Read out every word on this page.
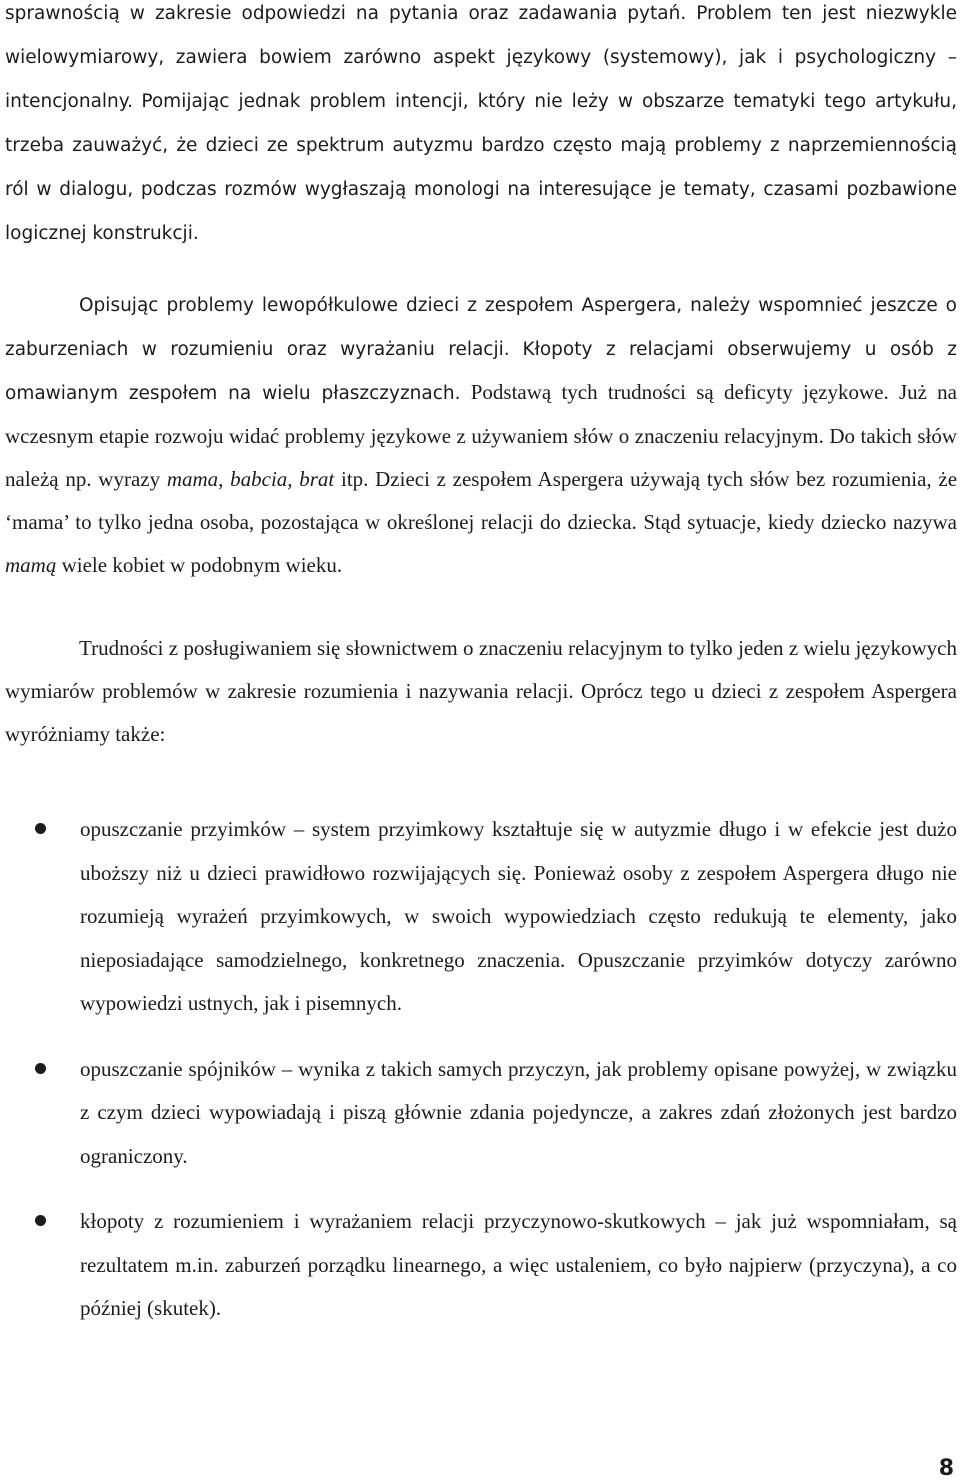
sprawnością w zakresie odpowiedzi na pytania oraz zadawania pytań. Problem ten jest niezwykle wielowymiarowy, zawiera bowiem zarówno aspekt językowy (systemowy), jak i psychologiczny – intencjonalny. Pomijając jednak problem intencji, który nie leży w obszarze tematyki tego artykułu, trzeba zauważyć, że dzieci ze spektrum autyzmu bardzo często mają problemy z naprzemiennością ról w dialogu, podczas rozmów wygłaszają monologi na interesujące je tematy, czasami pozbawione logicznej konstrukcji.

Opisując problemy lewopółkulowe dzieci z zespołem Aspergera, należy wspomnieć jeszcze o zaburzeniach w rozumieniu oraz wyrażaniu relacji. Kłopoty z relacjami obserwujemy u osób z omawianym zespołem na wielu płaszczyznach. Podstawą tych trudności są deficyty językowe. Już na wczesnym etapie rozwoju widać problemy językowe z używaniem słów o znaczeniu relacyjnym. Do takich słów należą np. wyrazy mama, babcia, brat itp. Dzieci z zespołem Aspergera używają tych słów bez rozumienia, że ‘mama’ to tylko jedna osoba, pozostająca w określonej relacji do dziecka. Stąd sytuacje, kiedy dziecko nazywa mamą wiele kobiet w podobnym wieku.

Trudności z posługiwaniem się słownictwem o znaczeniu relacyjnym to tylko jeden z wielu językowych wymiarów problemów w zakresie rozumienia i nazywania relacji. Oprócz tego u dzieci z zespołem Aspergera wyróżniamy także:

opuszczanie przyimków – system przyimkowy kształtuje się w autyzmie długo i w efekcie jest dużo uboższy niż u dzieci prawidłowo rozwijających się. Ponieważ osoby z zespołem Aspergera długo nie rozumieją wyrażeń przyimkowych, w swoich wypowiedziach często redukują te elementy, jako nieposiadające samodzielnego, konkretnego znaczenia. Opuszczanie przyimków dotyczy zarówno wypowiedzi ustnych, jak i pisemnych.
opuszczanie spójników – wynika z takich samych przyczyn, jak problemy opisane powyżej, w związku z czym dzieci wypowiadają i piszą głównie zdania pojedyncze, a zakres zdań złożonych jest bardzo ograniczony.
kłopoty z rozumieniem i wyrażaniem relacji przyczynowo-skutkowych – jak już wspomniałam, są rezultatem m.in. zaburzeń porządku linearnego, a więc ustaleniem, co było najpierw (przyczyna), a co później (skutek).
8
